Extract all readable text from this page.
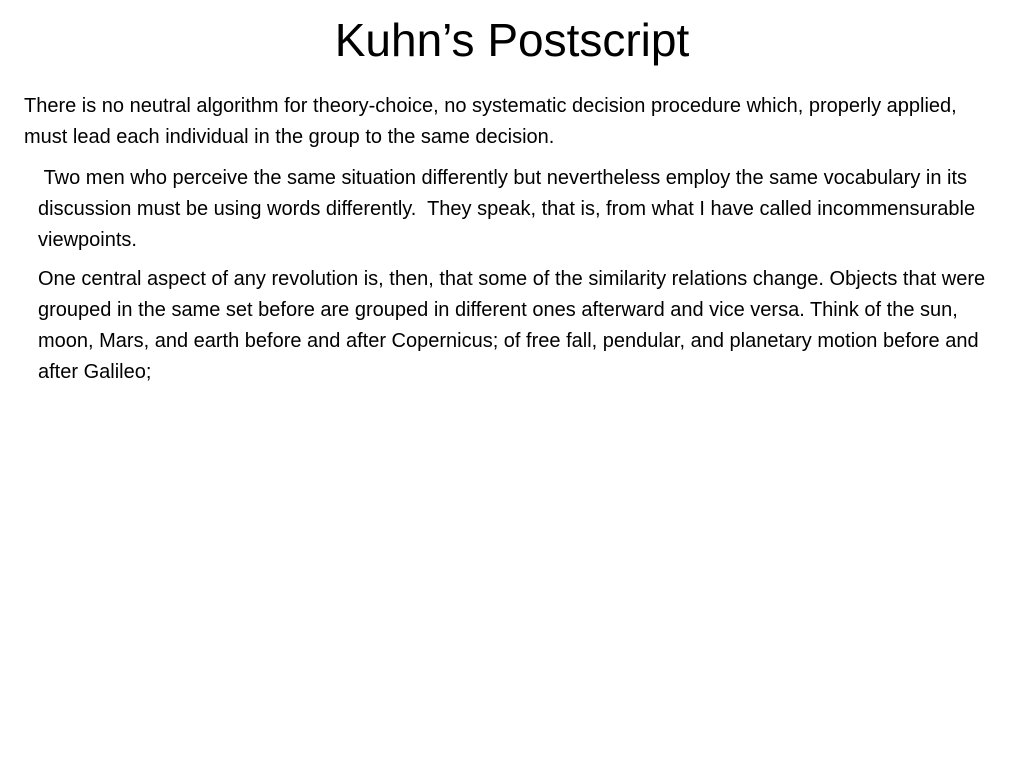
Kuhn’s Postscript

There is no neutral algorithm for theory-choice, no systematic decision procedure which, properly applied, must lead each individual in the group to the same decision.

Two men who perceive the same situation differently but nevertheless employ the same vocabulary in its discussion must be using words differently.  They speak, that is, from what I have called incommensurable viewpoints.

One central aspect of any revolution is, then, that some of the similarity relations change. Objects that were grouped in the same set before are grouped in different ones afterward and vice versa. Think of the sun, moon, Mars, and earth before and after Copernicus; of free fall, pendular, and planetary motion before and after Galileo;
